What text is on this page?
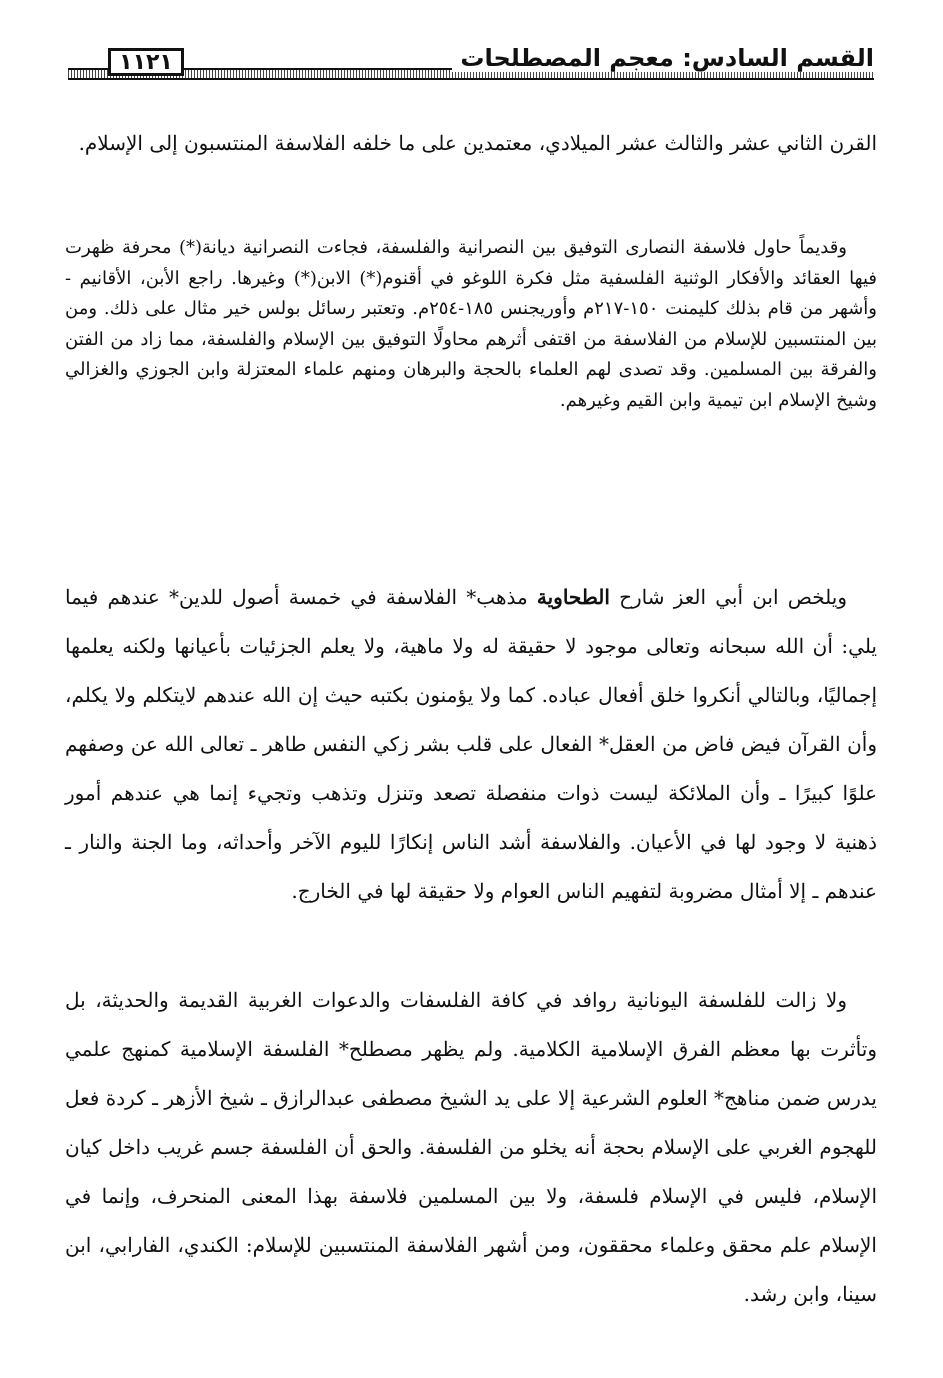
١١٢١	القسم السادس: معجم المصطلحات

القرن الثاني عشر والثالث عشر الميلادي، معتمدين على ما خلفه الفلاسفة المنتسبون إلى الإسلام.

وقديماً حاول فلاسفة النصارى التوفيق بين النصرانية والفلسفة، فجاءت النصرانية ديانة(*) محرفة ظهرت فيها العقائد والأفكار الوثنية الفلسفية مثل فكرة اللوغو في أقنوم(*) الابن(*) وغيرها. راجع الأبن، الأقانيم - وأشهر من قام بذلك كليمنت ١٥٠-٢١٧م وأوريجنس ١٨٥-٢٥٤م. وتعتبر رسائل بولس خير مثال على ذلك. ومن بين المنتسبين للإسلام من الفلاسفة من اقتفى أثرهم محاولًا التوفيق بين الإسلام والفلسفة، مما زاد من الفتن والفرقة بين المسلمين. وقد تصدى لهم العلماء بالحجة والبرهان ومنهم علماء المعتزلة وابن الجوزي والغزالي وشيخ الإسلام ابن تيمية وابن القيم وغيرهم.

ويلخص ابن أبي العز شارح الطحاوية مذهب* الفلاسفة في خمسة أصول للدين* عندهم فيما يلي: أن الله سبحانه وتعالى موجود لا حقيقة له ولا ماهية، ولا يعلم الجزئيات بأعيانها ولكنه يعلمها إجماليًا، وبالتالي أنكروا خلق أفعال عباده. كما ولا يؤمنون بكتبه حيث إن الله عندهم لايتكلم ولا يكلم، وأن القرآن فيض فاض من العقل* الفعال على قلب بشر زكي النفس طاهر ـ تعالى الله عن وصفهم علوًا كبيرًا ـ وأن الملائكة ليست ذوات منفصلة تصعد وتنزل وتذهب وتجيء إنما هي عندهم أمور ذهنية لا وجود لها في الأعيان. والفلاسفة أشد الناس إنكارًا لليوم الآخر وأحداثه، وما الجنة والنار ـ عندهم ـ إلا أمثال مضروبة لتفهيم الناس العوام ولا حقيقة لها في الخارج.

ولا زالت للفلسفة اليونانية روافد في كافة الفلسفات والدعوات الغربية القديمة والحديثة، بل وتأثرت بها معظم الفرق الإسلامية الكلامية. ولم يظهر مصطلح* الفلسفة الإسلامية كمنهج علمي يدرس ضمن مناهج* العلوم الشرعية إلا على يد الشيخ مصطفى عبدالرازق ـ شيخ الأزهر ـ كردة فعل للهجوم الغربي على الإسلام بحجة أنه يخلو من الفلسفة. والحق أن الفلسفة جسم غريب داخل كيان الإسلام، فليس في الإسلام فلسفة، ولا بين المسلمين فلاسفة بهذا المعنى المنحرف، وإنما في الإسلام علم محقق وعلماء محققون، ومن أشهر الفلاسفة المنتسبين للإسلام: الكندي، الفارابي، ابن سينا، وابن رشد.
